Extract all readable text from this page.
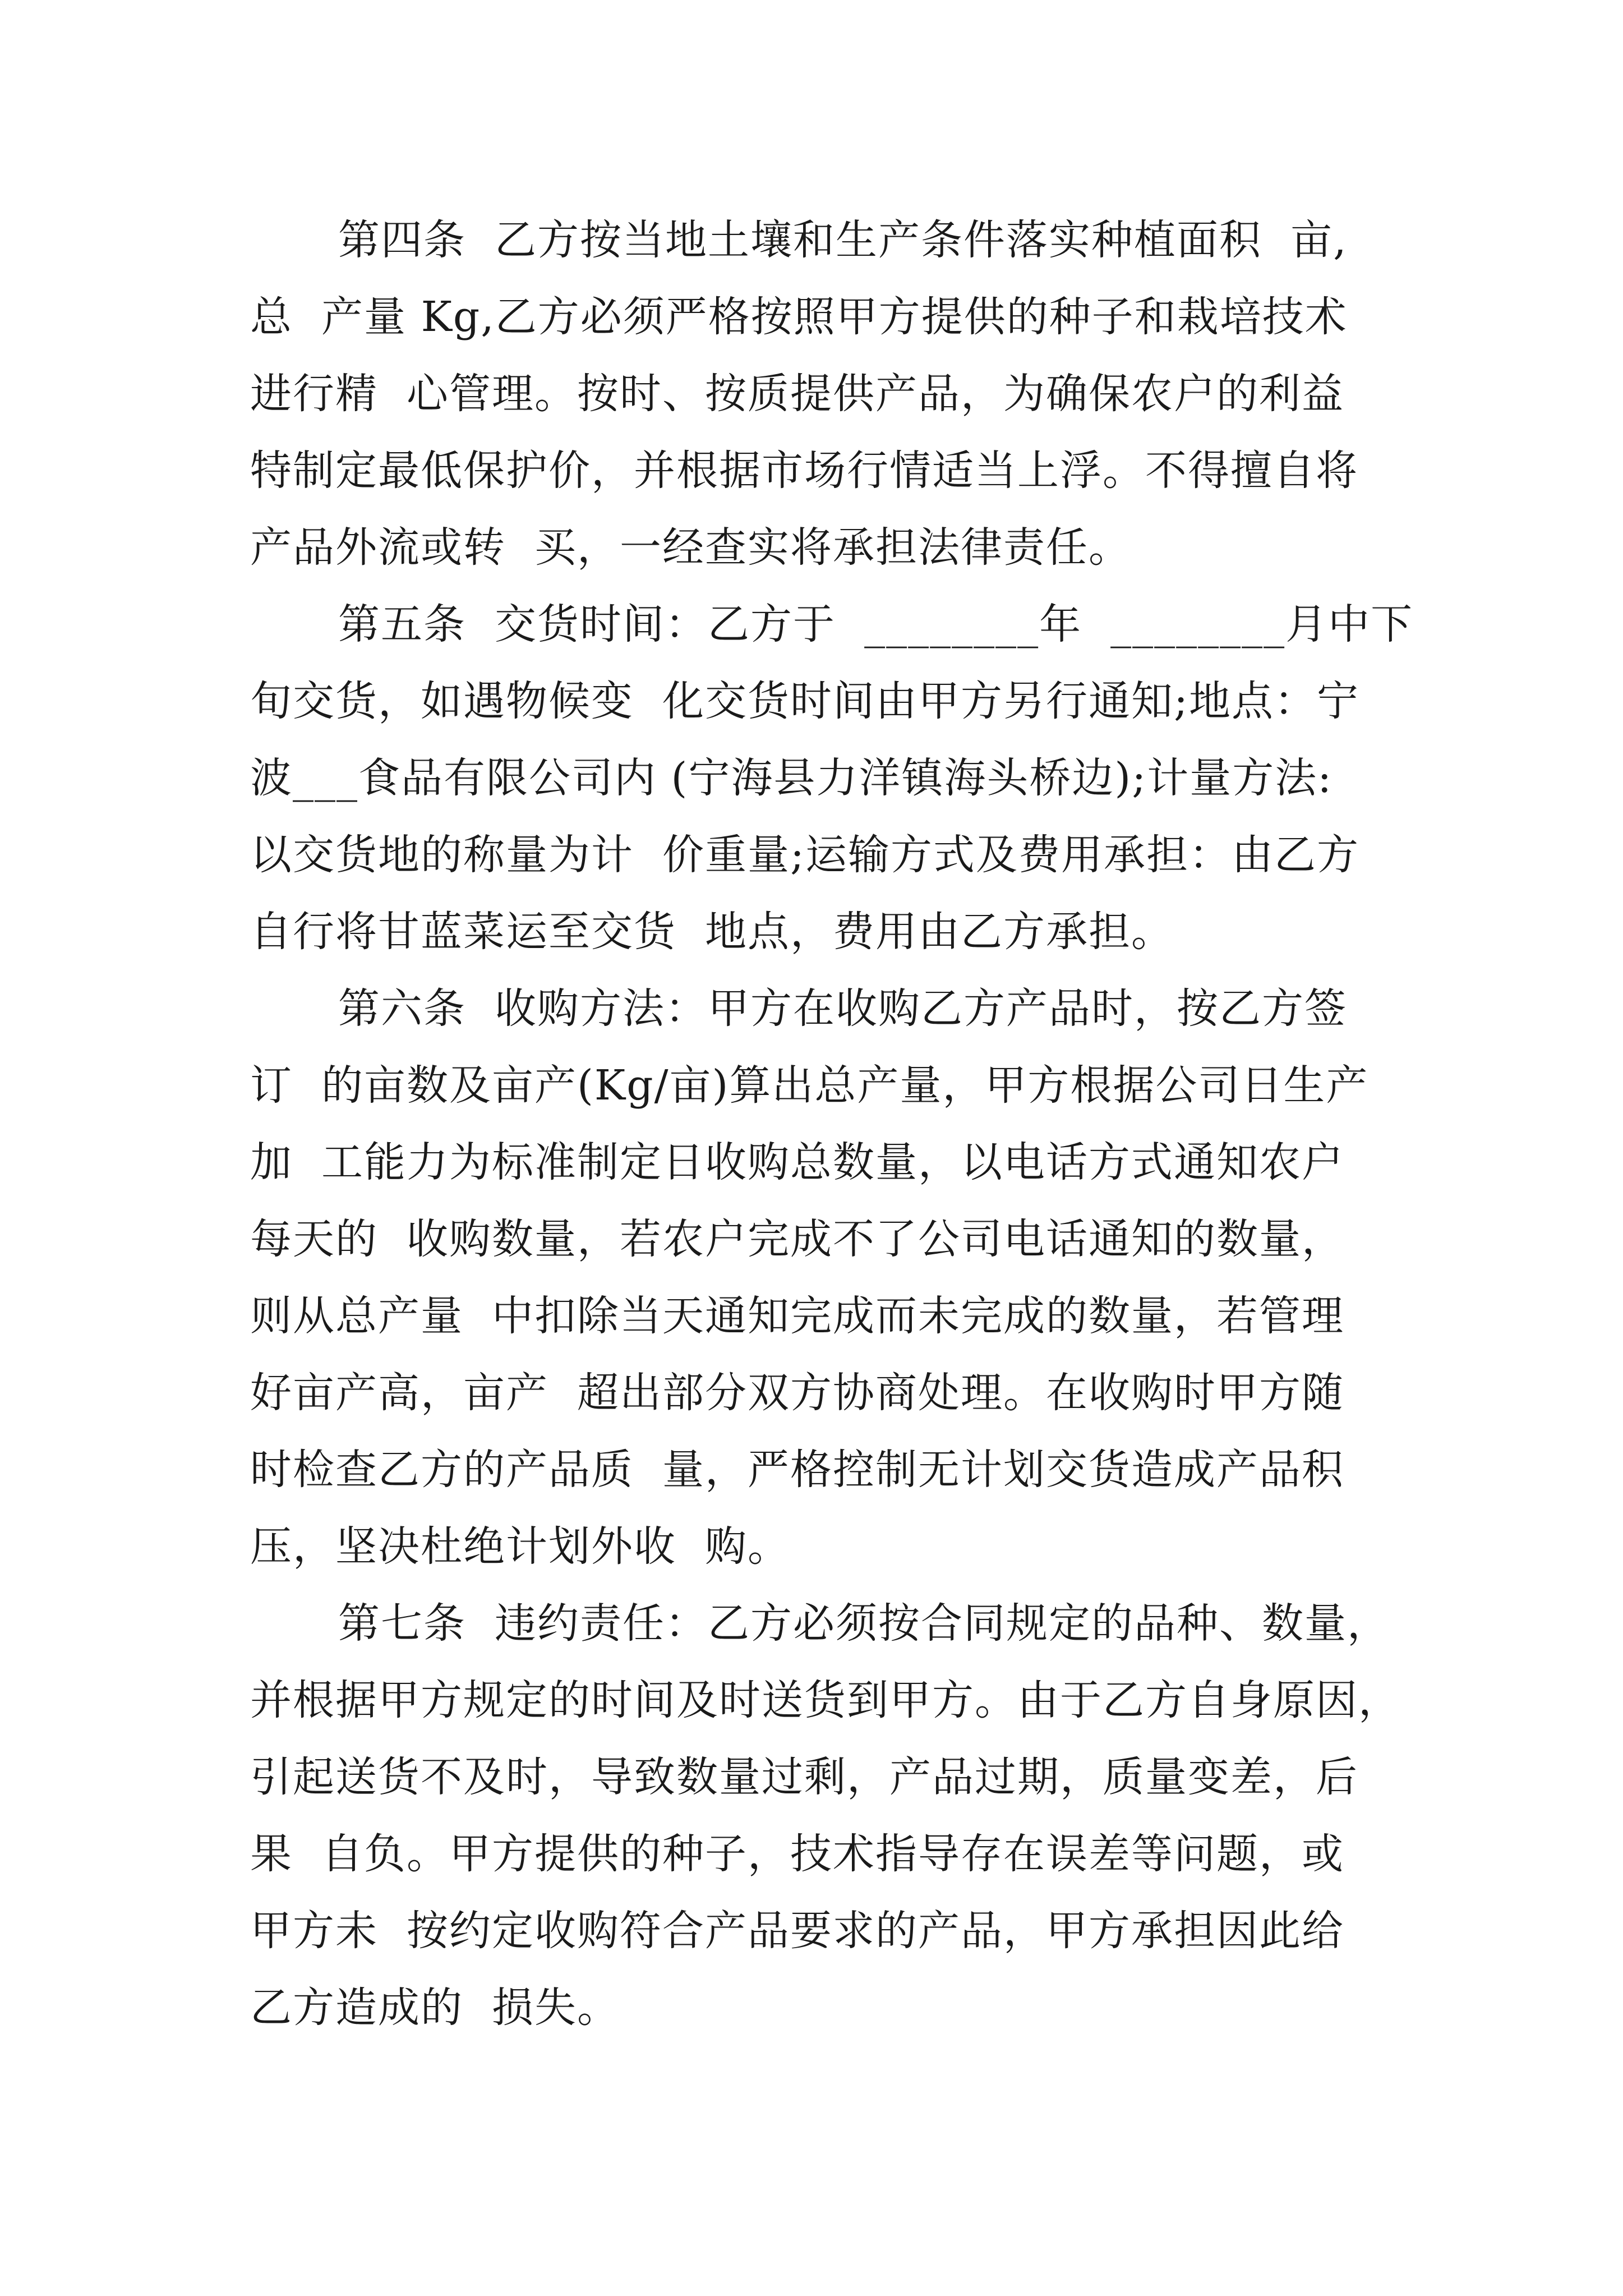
第四条  乙方按当地土壤和生产条件落实种植面积  亩,
总  产量 Kg,乙方必须严格按照甲方提供的种子和栽培技术
进行精  心管理。按时、按质提供产品，为确保农户的利益
特制定最低保护价，并根据市场行情适当上浮。不得擅自将
产品外流或转  买，一经查实将承担法律责任。
第五条  交货时间：乙方于  ________年  ________月中下
旬交货，如遇物候变  化交货时间由甲方另行通知;地点：宁
波___食品有限公司内 (宁海县力洋镇海头桥边);计量方法:
以交货地的称量为计  价重量;运输方式及费用承担：由乙方
自行将甘蓝菜运至交货  地点，费用由乙方承担。
第六条  收购方法：甲方在收购乙方产品时，按乙方签
订  的亩数及亩产(Kg/亩)算出总产量，甲方根据公司日生产
加  工能力为标准制定日收购总数量，以电话方式通知农户
每天的  收购数量，若农户完成不了公司电话通知的数量，
则从总产量  中扣除当天通知完成而未完成的数量，若管理
好亩产高，亩产  超出部分双方协商处理。在收购时甲方随
时检查乙方的产品质  量，严格控制无计划交货造成产品积
压，坚决杜绝计划外收  购。
第七条  违约责任：乙方必须按合同规定的品种、数量，
并根据甲方规定的时间及时送货到甲方。由于乙方自身原因，
引起送货不及时，导致数量过剩，产品过期，质量变差，后
果  自负。甲方提供的种子，技术指导存在误差等问题，或
甲方未  按约定收购符合产品要求的产品，甲方承担因此给
乙方造成的  损失。
